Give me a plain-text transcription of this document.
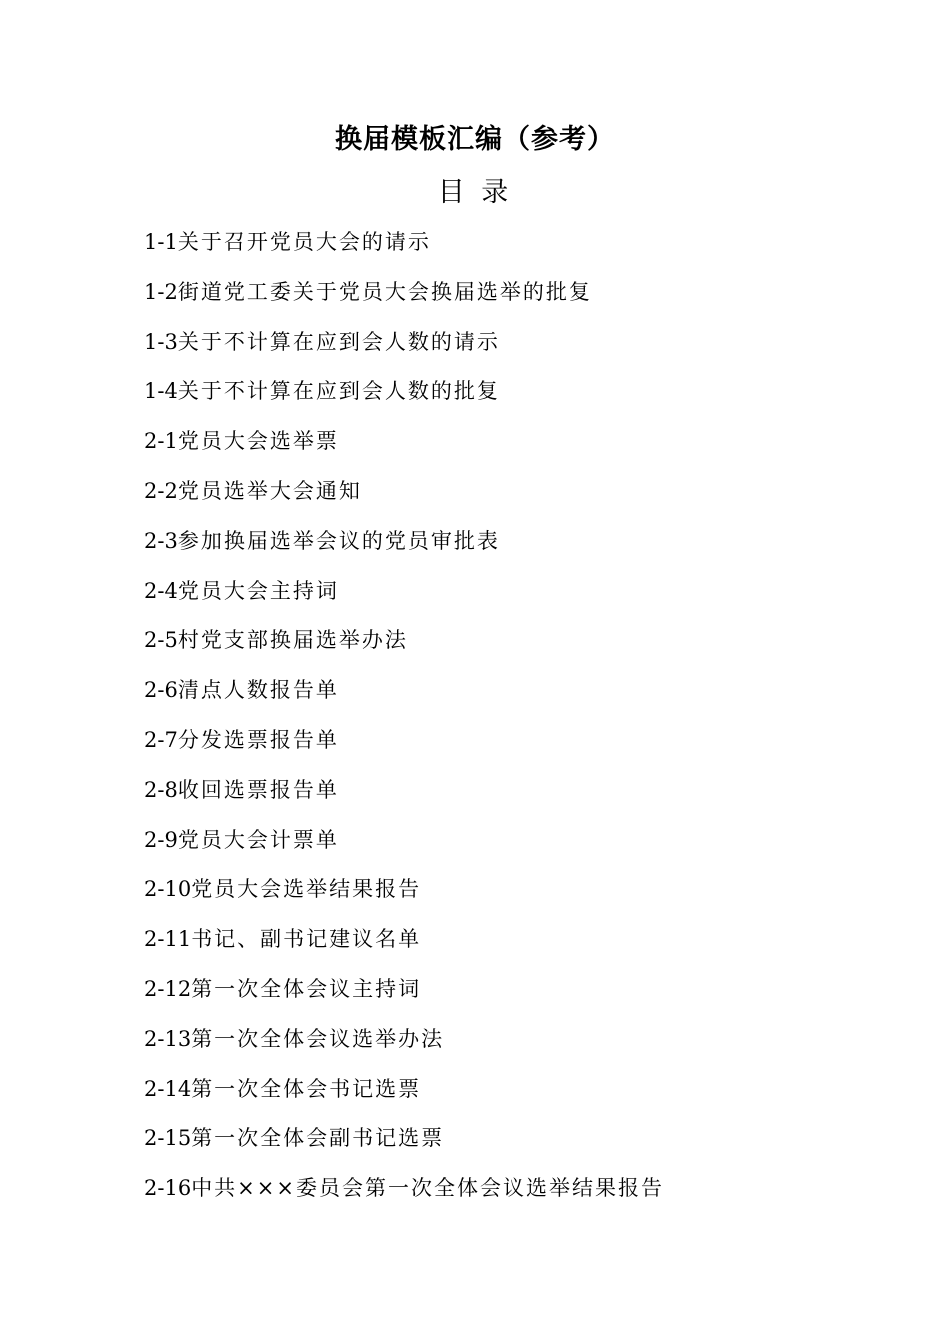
换届模板汇编（参考）
目 录
1-1关于召开党员大会的请示
1-2街道党工委关于党员大会换届选举的批复
1-3关于不计算在应到会人数的请示
1-4关于不计算在应到会人数的批复
2-1党员大会选举票
2-2党员选举大会通知
2-3参加换届选举会议的党员审批表
2-4党员大会主持词
2-5村党支部换届选举办法
2-6清点人数报告单
2-7分发选票报告单
2-8收回选票报告单
2-9党员大会计票单
2-10党员大会选举结果报告
2-11书记、副书记建议名单
2-12第一次全体会议主持词
2-13第一次全体会议选举办法
2-14第一次全体会书记选票
2-15第一次全体会副书记选票
2-16中共×××委员会第一次全体会议选举结果报告
